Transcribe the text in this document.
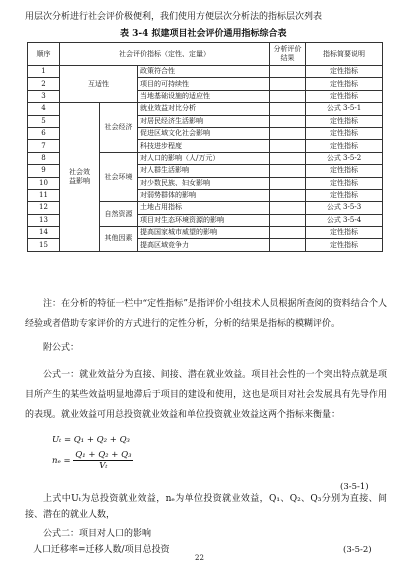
用层次分析进行社会评价极便利，我们使用方便层次分析法的指标层次列表
表 3-4 拟建项目社会评价通用指标综合表
顺序	社会评价指标（定性、定量）			分析评价结果	指标简要说明
1	互适性		政策符合性		定性指标
2			项目的可持续性		定性指标
3			当地基础设施的适应性		定性指标
4	社会效益影响	社会经济	就业效益对比分析		公式 3-5-1
5			对居民经济生活影响		定性指标
6			促进区域文化社会影响		定性指标
7			科技进步程度		定性指标
8		社会环境	对人口的影响（人/万元）		公式 3-5-2
9			对人群生活影响		定性指标
10			对少数民族、妇女影响		定性指标
11			对弱势群体的影响		定性指标
12		自然资源	土地占用指标		公式 3-5-3
13			项目对生态环境资源的影响		公式 3-5-4
14		其他因素	提高国家城市威望的影响		定性指标
15			提高区域竞争力		定性指标
注：在分析的特征一栏中“定性指标”是指评价小组技术人员根据所查阅的资料结合个人经验或者借助专家评价的方式进行的定性分析，分析的结果是指标的模糊评价。
附公式：
公式一：就业效益分为直接、间接、潜在就业效益。项目社会性的一个突出特点就是项目所产生的某些效益明显地滞后于项目的建设和使用，这也是项目对社会发展具有先导作用的表现。就业效益可用总投资就业效益和单位投资就业效益这两个指标来衡量：
Uₜ = Q₁ + Q₂ + Q₃
$n_e = \frac{\text{Q₁ + Q₂ + Q₃}}{\text{Vₜ}}$
(3-5-1)
上式中Uₜ为总投资就业效益，nₑ为单位投资就业效益，Q₁、Q₂、Q₃分别为直接、间接、潜在的就业人数，
公式二：项目对人口的影响
人口迁移率=迁移人数/项目总投资	(3-5-2)
22
